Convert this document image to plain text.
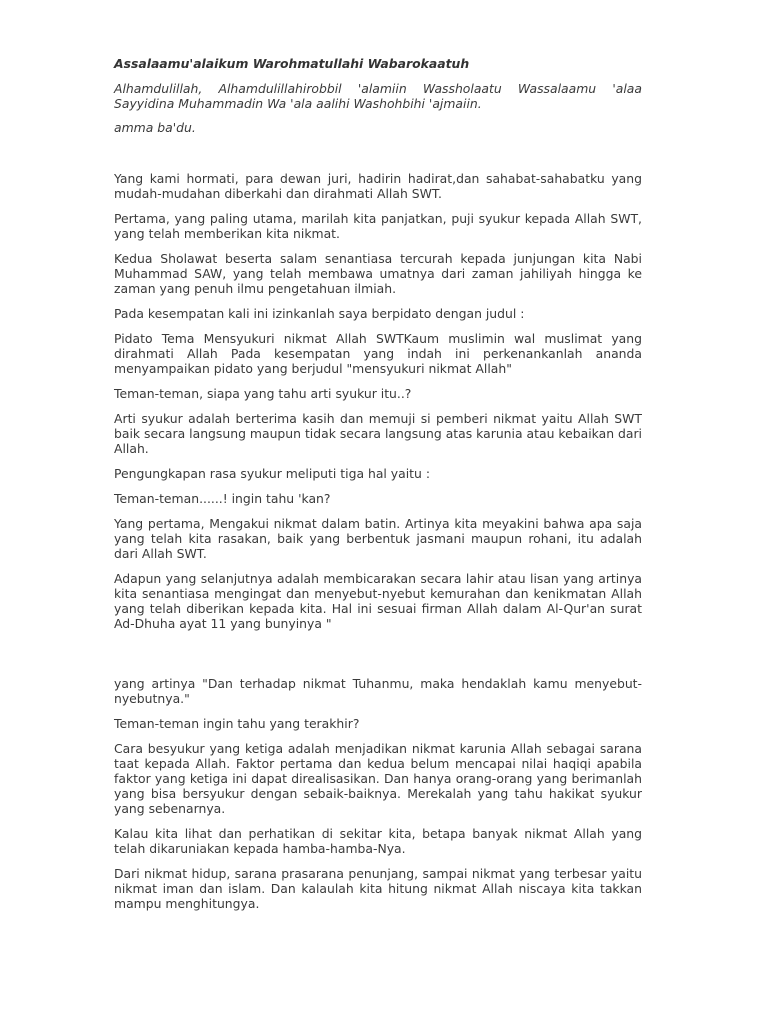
Assalaamu'alaikum Warohmatullahi Wabarokaatuh
Alhamdulillah, Alhamdulillahirobbil 'alamiin Wassholaatu Wassalaamu 'alaa Sayyidina Muhammadin Wa 'ala aalihi Washohbihi 'ajmaiin.
amma ba'du.

Yang kami hormati, para dewan juri, hadirin hadirat,dan sahabat-sahabatku yang mudah-mudahan diberkahi dan dirahmati Allah SWT.

Pertama, yang paling utama, marilah kita panjatkan, puji syukur kepada Allah SWT, yang telah memberikan kita nikmat.

Kedua Sholawat beserta salam senantiasa tercurah kepada junjungan kita Nabi Muhammad SAW, yang telah membawa umatnya dari zaman jahiliyah hingga ke zaman yang penuh ilmu pengetahuan ilmiah.

Pada kesempatan kali ini izinkanlah saya berpidato dengan judul :

Pidato Tema Mensyukuri nikmat Allah SWTKaum muslimin wal muslimat yang dirahmati Allah Pada kesempatan yang indah ini perkenankanlah ananda menyampaikan pidato yang berjudul "mensyukuri nikmat Allah"

Teman-teman, siapa yang tahu arti syukur itu..?

Arti syukur adalah berterima kasih dan memuji si pemberi nikmat yaitu Allah SWT baik secara langsung maupun tidak secara langsung atas karunia atau kebaikan dari Allah.

Pengungkapan rasa syukur meliputi tiga hal yaitu :

Teman-teman......! ingin tahu 'kan?

Yang pertama, Mengakui nikmat dalam batin. Artinya kita meyakini bahwa apa saja yang telah kita rasakan, baik yang berbentuk jasmani maupun rohani, itu adalah dari Allah SWT.

Adapun yang selanjutnya adalah membicarakan secara lahir atau lisan yang artinya kita senantiasa mengingat dan menyebut-nyebut kemurahan dan kenikmatan Allah yang telah diberikan kepada kita. Hal ini sesuai firman Allah dalam Al-Qur'an surat Ad-Dhuha ayat 11 yang bunyinya "

yang artinya "Dan terhadap nikmat Tuhanmu, maka hendaklah kamu menyebut-nyebutnya."

Teman-teman ingin tahu yang terakhir?

Cara besyukur yang ketiga adalah menjadikan nikmat karunia Allah sebagai sarana taat kepada Allah. Faktor pertama dan kedua belum mencapai nilai haqiqi apabila faktor yang ketiga ini dapat direalisasikan. Dan hanya orang-orang yang berimanlah yang bisa bersyukur dengan sebaik-baiknya. Merekalah yang tahu hakikat syukur yang sebenarnya.

Kalau kita lihat dan perhatikan di sekitar kita, betapa banyak nikmat Allah yang telah dikaruniakan kepada hamba-hamba-Nya.

Dari nikmat hidup, sarana prasarana penunjang, sampai nikmat yang terbesar yaitu nikmat iman dan islam. Dan kalaulah kita hitung nikmat Allah niscaya kita takkan mampu menghitungya.
